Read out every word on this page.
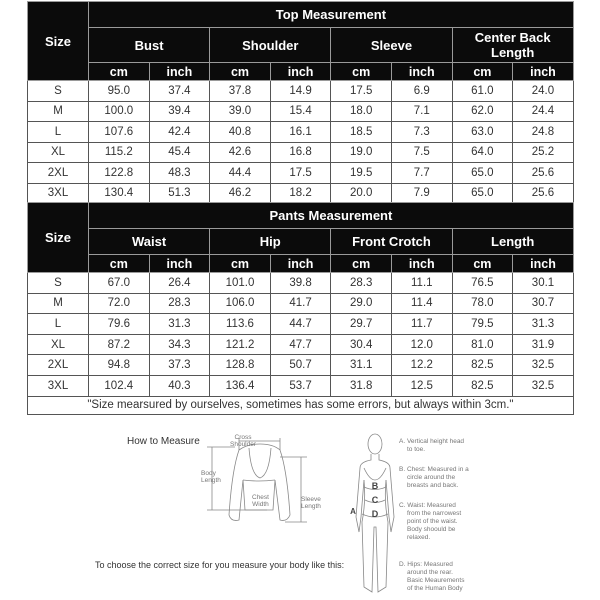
Size	Top Measurement							
	Bust		Shoulder		Sleeve		Center Back Length	
	cm	inch	cm	inch	cm	inch	cm	inch
S	95.0	37.4	37.8	14.9	17.5	6.9	61.0	24.0
M	100.0	39.4	39.0	15.4	18.0	7.1	62.0	24.4
L	107.6	42.4	40.8	16.1	18.5	7.3	63.0	24.8
XL	115.2	45.4	42.6	16.8	19.0	7.5	64.0	25.2
2XL	122.8	48.3	44.4	17.5	19.5	7.7	65.0	25.6
3XL	130.4	51.3	46.2	18.2	20.0	7.9	65.0	25.6
Size	Pants Measurement							
	Waist		Hip		Front Crotch		Length	
	cm	inch	cm	inch	cm	inch	cm	inch
S	67.0	26.4	101.0	39.8	28.3	11.1	76.5	30.1
M	72.0	28.3	106.0	41.7	29.0	11.4	78.0	30.7
L	79.6	31.3	113.6	44.7	29.7	11.7	79.5	31.3
XL	87.2	34.3	121.2	47.7	30.4	12.0	81.0	31.9
2XL	94.8	37.3	128.8	50.7	31.1	12.2	82.5	32.5
3XL	102.4	40.3	136.4	53.7	31.8	12.5	82.5	32.5
"Size mearsured by ourselves, sometimes has some errors, but always within 3cm."								
How to Measure	Cross
Shoulder
Body
Length
Chest
Width
Sleeve
Length
To choose the correct size for you measure your body like this:
B
C
D
A
A. Vertical height head
to toe.
B. Chest: Measured in a
circle around the
breasts and back.
C. Waist: Measured
from the narrowest
point of the waist.
Body shoould be
relaxed.
D. Hips: Measured
around the rear.
Basic Meaurements
of the Human Body
